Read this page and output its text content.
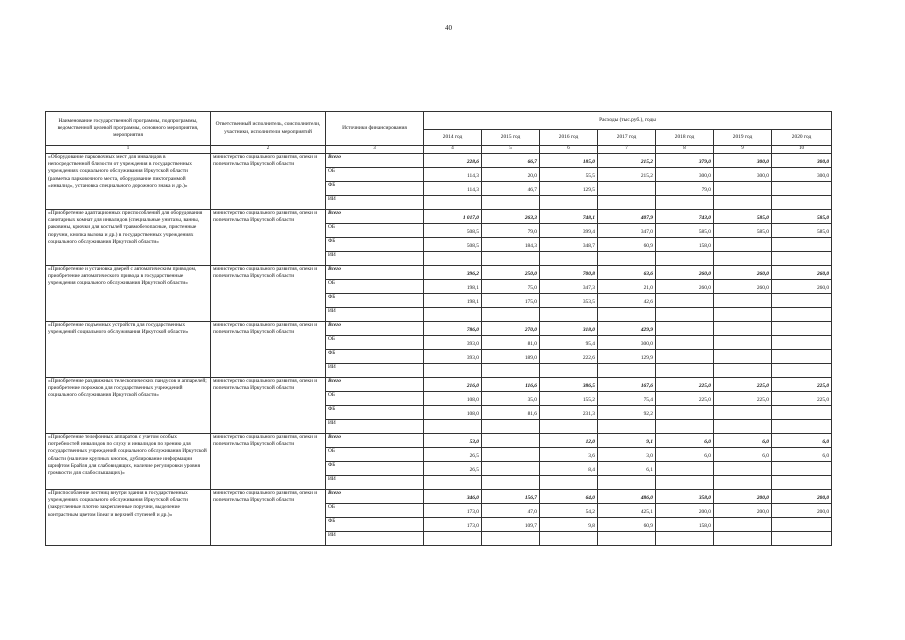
40
Наименование государственной программы, подпрограммы, ведомственной целевой программы, основного мероприятия, мероприятия	Ответственный исполнитель, соисполнители, участники, исполнители мероприятий	Источники финансирования	Расходы (тыс.руб.), годы						
			2014 год	2015 год	2016 год	2017 год	2018 год	2019 год	2020 год
1	2	3	4	5	6	7	8	9	10
«Оборудование парковочных мест для инвалидов в непосредственной близости от учреждения в государственных учреждениях социального обслуживания Иркутской области (разметка парковочного места, оборудование пиктограммой «инвалид», установка специального дорожного знака и др.)»	министерство социального развития, опеки и попечительства Иркутской области	Всего	228,6	66,7	185,0	215,2	379,0	300,0	300,0
		ОБ	114,3	20,0	55,5	215,2	300,0	300,0	300,0
		ФБ	114,3	46,7	129,5		79,0		
		ИИ							
«Приобретение адаптационных приспособлений для оборудования санитарных комнат для инвалидов (специальные унитазы, ванны, раковины, крючки для костылей травмобезопасные, пристенные поручни, кнопка вызова и др.) в государственных учреждениях социального обслуживания Иркутской области»	министерство социального развития, опеки и попечительства Иркутской области	Всего	1 017,0	263,3	748,1	407,9	743,0	585,0	585,0
		ОБ	508,5	79,0	399,4	347,0	585,0	585,0	585,0
		ФБ	508,5	184,3	348,7	60,9	158,0		
		ИИ							
«Приобретение и установка дверей с автоматическим приводом, приобретение автоматического привода в государственные учреждения социального обслуживания Иркутской области»	министерство социального развития, опеки и попечительства Иркутской области	Всего	396,2	250,0	700,8	63,6	260,0	260,0	260,0
		ОБ	198,1	75,0	347,3	21,0	260,0	260,0	260,0
		ФБ	198,1	175,0	353,5	42,6			
		ИИ							
«Приобретение подъемных устройств для государственных учреждений социального обслуживания Иркутской области»	министерство социального развития, опеки и попечительства Иркутской области	Всего	786,0	270,0	318,0	429,9			
		ОБ	393,0	81,0	95,4	300,0			
		ФБ	393,0	189,0	222,6	129,9			
		ИИ							
«Приобретение раздвижных телескопических пандусов и аппарелей; приобретение порожков для государственных учреждений социального обслуживания Иркутской области»	министерство социального развития, опеки и попечительства Иркутской области	Всего	216,0	116,6	386,5	167,6	225,0	225,0	225,0
		ОБ	108,0	35,0	155,2	75,4	225,0	225,0	225,0
		ФБ	108,0	81,6	231,3	92,2			
		ИИ							
«Приобретение телефонных аппаратов с учетом особых потребностей инвалидов по слуху и инвалидов по зрению для государственных учреждений социального обслуживания Иркутской области (наличие крупных кнопок, дублирование информации шрифтом Брайля для слабовидящих, наличие регулировки уровня громкости для слабослышащих)»	министерство социального развития, опеки и попечительства Иркутской области	Всего	53,0		12,0	9,1	6,0	6,0	6,0
		ОБ	26,5		3,6	3,0	6,0	6,0	6,0
		ФБ	26,5		8,4	6,1			
		ИИ							
«Приспособление лестниц внутри здания в государственных учреждениях социального обслуживания Иркутской области (закругленные плотно закрепленные поручни, выделение контрастным цветом linear и верхней ступеней и др.)»	министерство социального развития, опеки и попечительства Иркутской области	Всего	346,0	156,7	64,0	486,0	358,0	200,0	200,0
		ОБ	173,0	47,0	54,2	425,1	200,0	200,0	200,0
		ФБ	173,0	109,7	9,8	60,9	158,0		
		ИИ							
